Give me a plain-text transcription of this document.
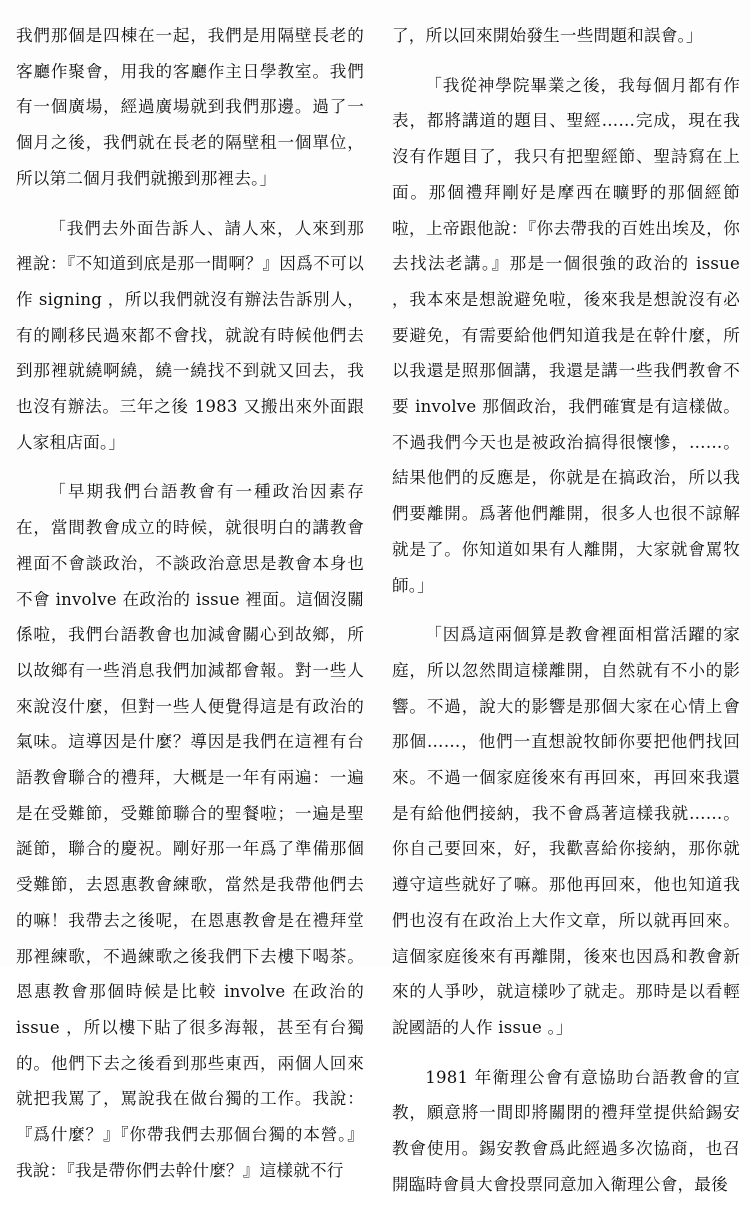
我們那個是四棟在一起，我們是用隔壁長老的客廳作聚會，用我的客廳作主日學教室。我們有一個廣場，經過廣場就到我們那邊。過了一個月之後，我們就在長老的隔壁租一個單位，所以第二個月我們就搬到那裡去。」

「我們去外面告訴人、請人來，人來到那裡說：『不知道到底是那一間啊？』因爲不可以作 signing ，所以我們就沒有辦法告訴別人，有的剛移民過來都不會找，就說有時候他們去到那裡就繞啊繞，繞一繞找不到就又回去，我也沒有辦法。三年之後 1983 又搬出來外面跟人家租店面。」

「早期我們台語教會有一種政治因素存在，當間教會成立的時候，就很明白的講教會裡面不會談政治，不談政治意思是教會本身也不會 involve 在政治的 issue 裡面。這個沒關係啦，我們台語教會也加減會關心到故鄉，所以故鄉有一些消息我們加減都會報。對一些人來說沒什麼，但對一些人便覺得這是有政治的氣味。這導因是什麼？導因是我們在這裡有台語教會聯合的禮拜，大概是一年有兩遍：一遍是在受難節，受難節聯合的聖餐啦；一遍是聖誕節，聯合的慶祝。剛好那一年爲了準備那個受難節，去恩惠教會練歌，當然是我帶他們去的嘛！我帶去之後呢，在恩惠教會是在禮拜堂那裡練歌，不過練歌之後我們下去樓下喝茶。恩惠教會那個時候是比較 involve 在政治的 issue ，所以樓下貼了很多海報，甚至有台獨的。他們下去之後看到那些東西，兩個人回來就把我罵了，罵說我在做台獨的工作。我說：『爲什麼？』『你帶我們去那個台獨的本營。』我說：『我是帶你們去幹什麼？』這樣就不行

了，所以回來開始發生一些問題和誤會。」

「我從神學院畢業之後，我每個月都有作表，都將講道的題目、聖經……完成，現在我沒有作題目了，我只有把聖經節、聖詩寫在上面。那個禮拜剛好是摩西在曠野的那個經節啦，上帝跟他說：『你去帶我的百姓出埃及，你去找法老講。』那是一個很強的政治的 issue ，我本來是想說避免啦，後來我是想說沒有必要避免，有需要給他們知道我是在幹什麼，所以我還是照那個講，我還是講一些我們教會不要 involve 那個政治，我們確實是有這樣做。不過我們今天也是被政治搞得很懷慘，……。結果他們的反應是，你就是在搞政治，所以我們要離開。爲著他們離開，很多人也很不諒解就是了。你知道如果有人離開，大家就會罵牧師。」

「因爲這兩個算是教會裡面相當活躍的家庭，所以忽然間這樣離開，自然就有不小的影響。不過，說大的影響是那個大家在心情上會那個……，他們一直想說牧師你要把他們找回來。不過一個家庭後來有再回來，再回來我還是有給他們接納，我不會爲著這樣我就……。你自己要回來，好，我歡喜給你接納，那你就遵守這些就好了嘛。那他再回來，他也知道我們也沒有在政治上大作文章，所以就再回來。這個家庭後來有再離開，後來也因爲和教會新來的人爭吵，就這樣吵了就走。那時是以看輕說國語的人作 issue 。」

1981 年衛理公會有意協助台語教會的宣教，願意將一間即將關閉的禮拜堂提供給錫安教會使用。錫安教會爲此經過多次協商，也召開臨時會員大會投票同意加入衛理公會，最後
